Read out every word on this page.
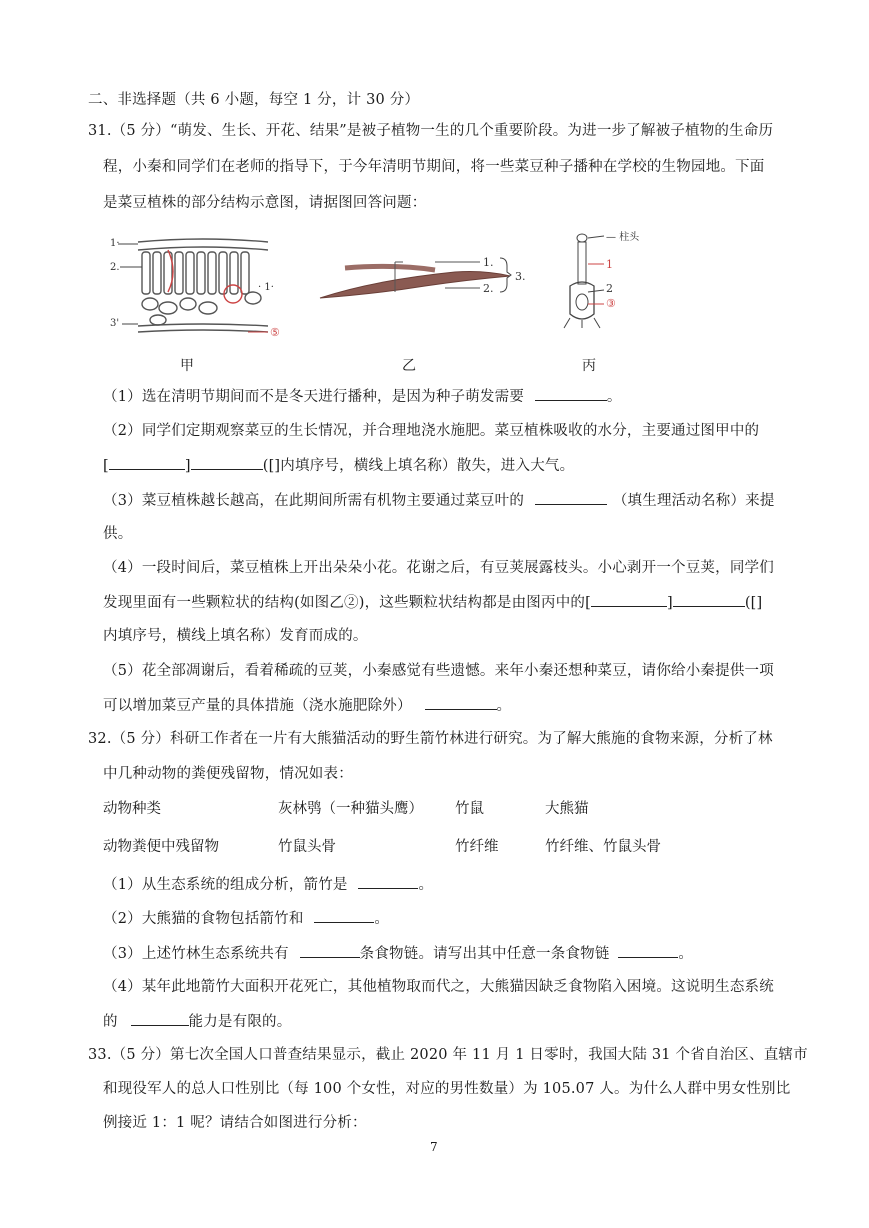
二、非选择题（共 6 小题，每空 1 分，计 30 分）
31.（5 分）“萌发、生长、开花、结果”是被子植物一生的几个重要阶段。为进一步了解被子植物的生命历
程，小秦和同学们在老师的指导下，于今年清明节期间，将一些菜豆种子播种在学校的生物园地。下面
是菜豆植株的部分结构示意图，请据图回答问题：
1·
2.
· 1·
3'
⑤
甲
1.
2.
3.
乙
— 柱头
1
2
③
丙
（1）选在清明节期间而不是冬天进行播种，是因为种子萌发需要	。
（2）同学们定期观察菜豆的生长情况，并合理地浇水施肥。菜豆植株吸收的水分，主要通过图甲中的
[	]	([]内填序号，横线上填名称）散失，进入大气。
（3）菜豆植株越长越高，在此期间所需有机物主要通过菜豆叶的	（填生理活动名称）来提
供。
（4）一段时间后，菜豆植株上开出朵朵小花。花谢之后，有豆荚展露枝头。小心剥开一个豆荚，同学们
发现里面有一些颗粒状的结构(如图乙②)，这些颗粒状结构都是由图丙中的[	]	([]
内填序号，横线上填名称）发育而成的。
（5）花全部凋谢后，看着稀疏的豆荚，小秦感觉有些遗憾。来年小秦还想种菜豆，请你给小秦提供一项
可以增加菜豆产量的具体措施（浇水施肥除外）	。
32.（5 分）科研工作者在一片有大熊猫活动的野生箭竹林进行研究。为了解大熊施的食物来源，分析了林
中几种动物的粪便残留物，情况如表：
动物种类	灰林鸮（一种猫头鹰） 竹鼠	大熊猫
动物粪便中残留物	竹鼠头骨	竹纤维	竹纤维、竹鼠头骨
（1）从生态系统的组成分析，箭竹是	。
（2）大熊猫的食物包括箭竹和	。
（3）上述竹林生态系统共有	条食物链。请写出其中任意一条食物链	。
（4）某年此地箭竹大面积开花死亡，其他植物取而代之，大熊猫因缺乏食物陷入困境。这说明生态系统
的	能力是有限的。
33.（5 分）第七次全国人口普查结果显示，截止 2020 年 11 月 1 日零时，我国大陆 31 个省自治区、直辖市
和现役军人的总人口性别比（每 100 个女性，对应的男性数量）为 105.07 人。为什么人群中男女性别比
例接近 1：1 呢？请结合如图进行分析：
7
